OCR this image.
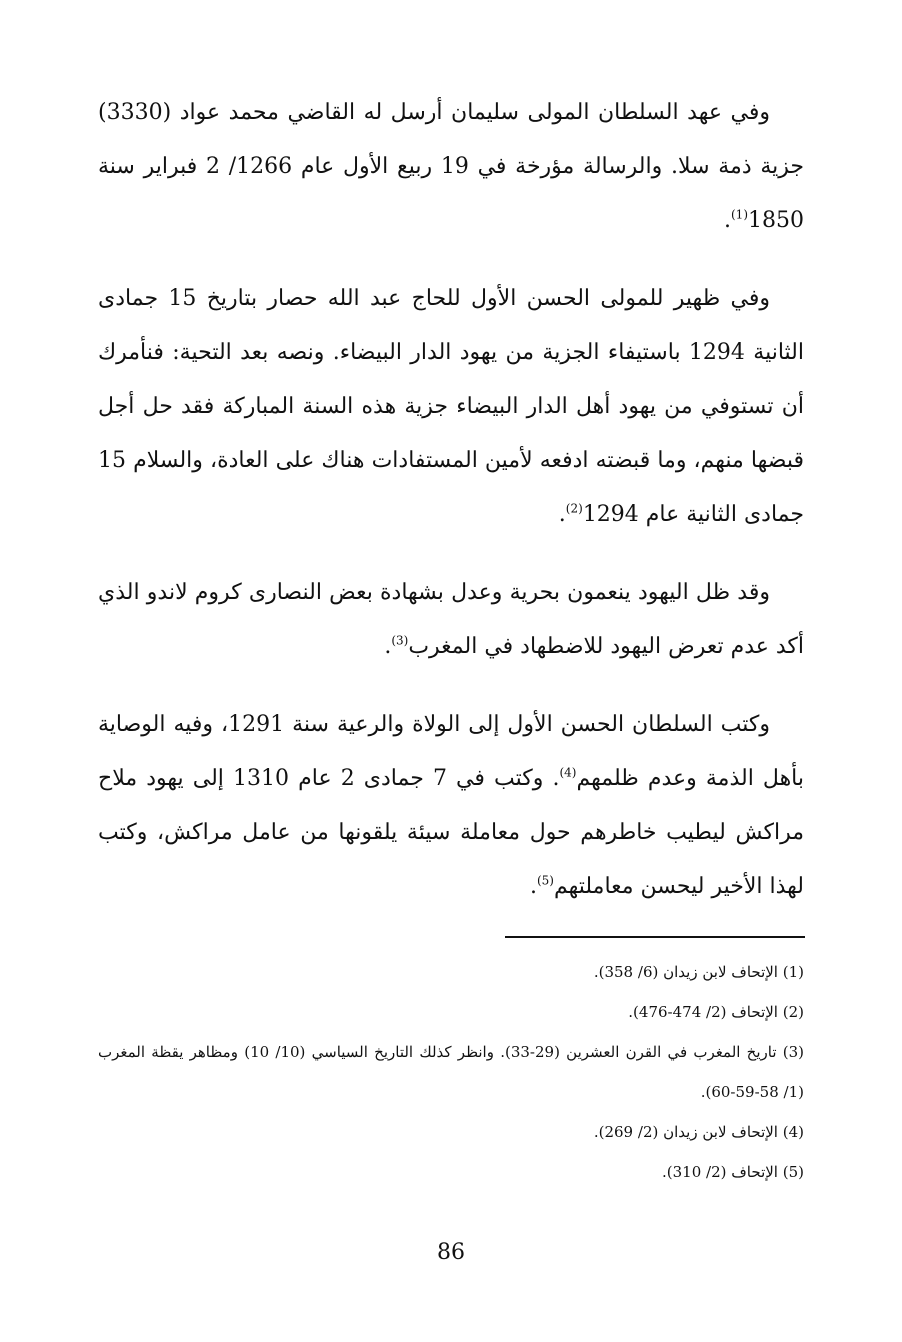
وفي عهد السلطان المولى سليمان أرسل له القاضي محمد عواد (3330) جزية ذمة سلا. والرسالة مؤرخة في 19 ربيع الأول عام 1266/ 2 فبراير سنة 1850$^{(1)}$.

وفي ظهير للمولى الحسن الأول للحاج عبد الله حصار بتاريخ 15 جمادى الثانية 1294 باستيفاء الجزية من يهود الدار البيضاء. ونصه بعد التحية: فنأمرك أن تستوفي من يهود أهل الدار البيضاء جزية هذه السنة المباركة فقد حل أجل قبضها منهم، وما قبضته ادفعه لأمين المستفادات هناك على العادة، والسلام 15 جمادى الثانية عام 1294$^{(2)}$.

وقد ظل اليهود ينعمون بحرية وعدل بشهادة بعض النصارى كروم لاندو الذي أكد عدم تعرض اليهود للاضطهاد في المغرب$^{(3)}$.

وكتب السلطان الحسن الأول إلى الولاة والرعية سنة 1291، وفيه الوصاية بأهل الذمة وعدم ظلمهم$^{(4)}$. وكتب في 7 جمادى 2 عام 1310 إلى يهود ملاح مراكش ليطيب خاطرهم حول معاملة سيئة يلقونها من عامل مراكش، وكتب لهذا الأخير ليحسن معاملتهم$^{(5)}$.

(1) الإتحاف لابن زيدان (6/ 358).

(2) الإتحاف (2/ 474-476).

(3) تاريخ المغرب في القرن العشرين (29-33). وانظر كذلك التاريخ السياسي (10/ 10) ومظاهر يقظة المغرب (1/ 58-59-60).

(4) الإتحاف لابن زيدان (2/ 269).

(5) الإتحاف (2/ 310).

86
